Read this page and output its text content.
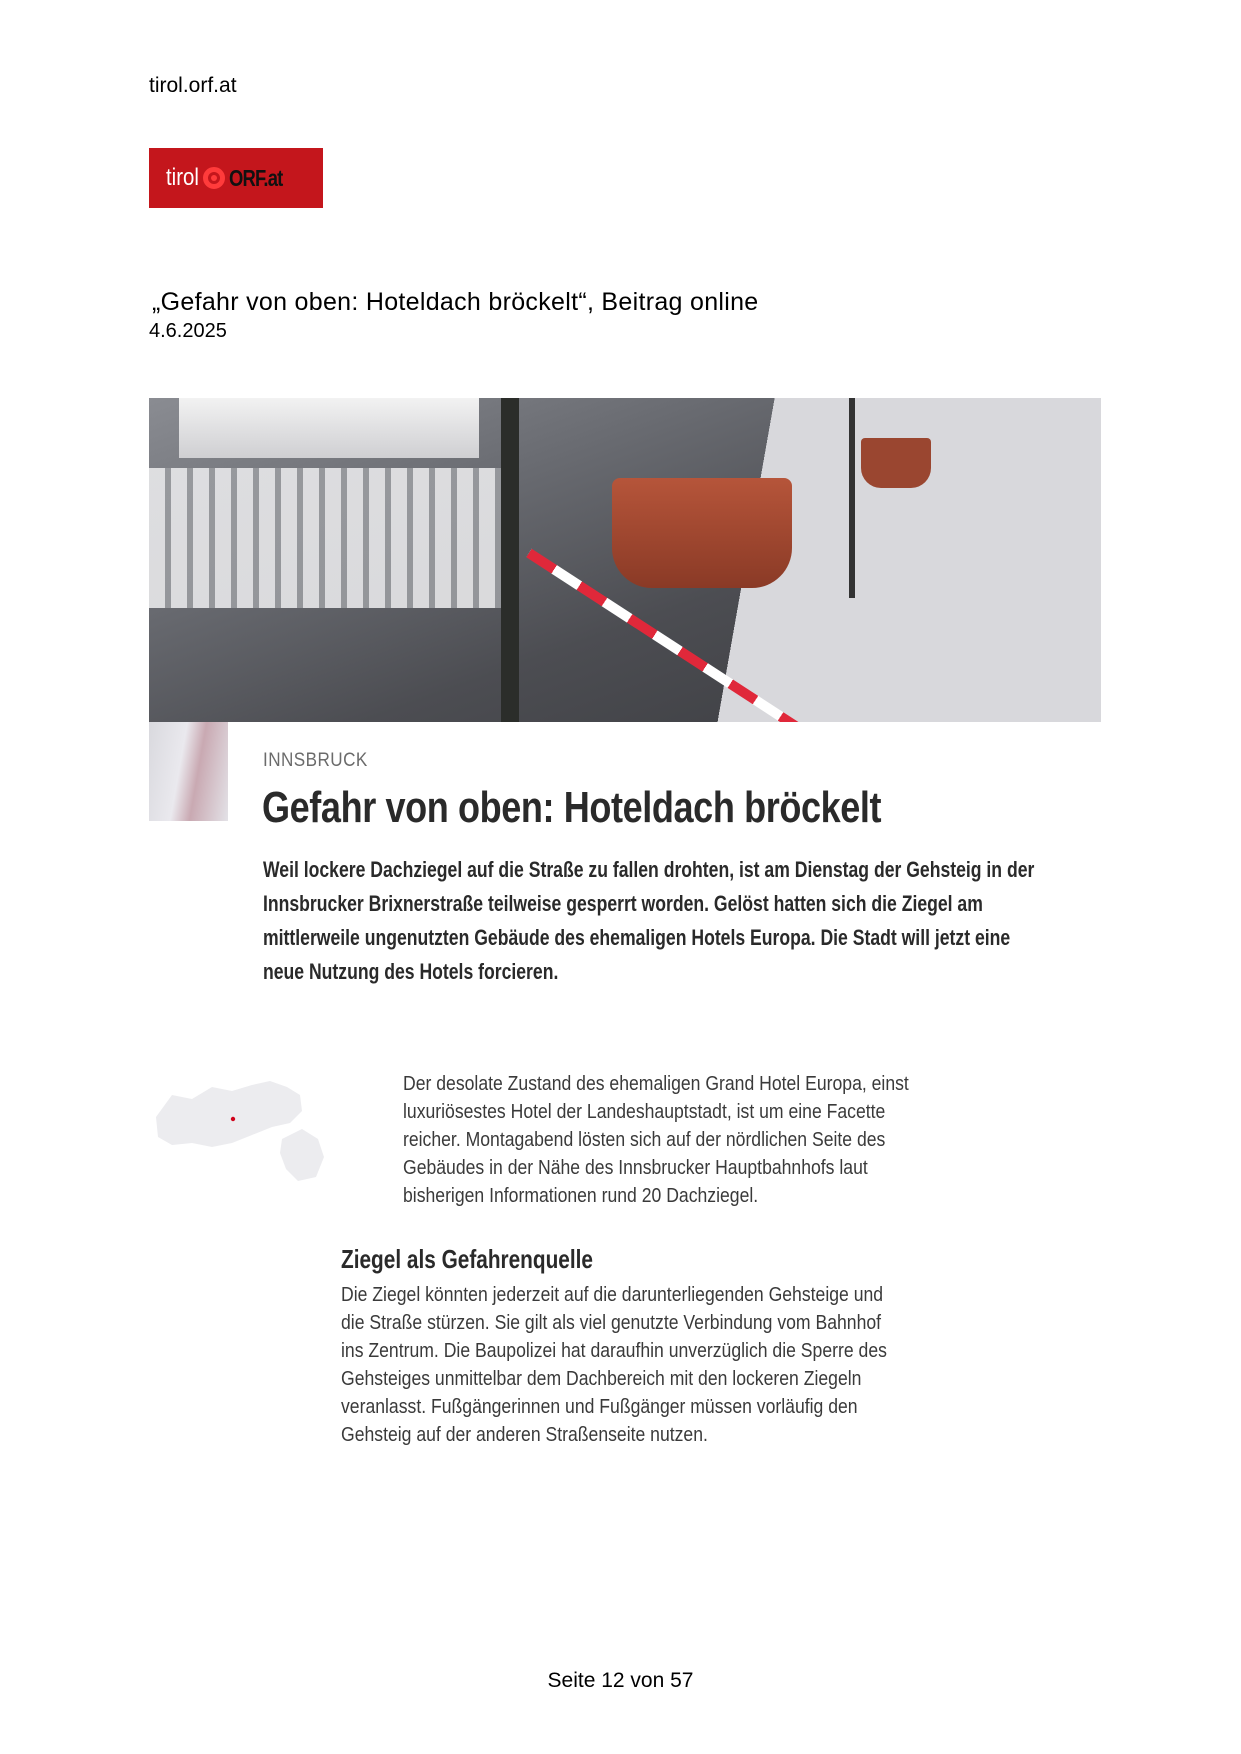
tirol.orf.at
tirol ORF.at
„Gefahr von oben: Hoteldach bröckelt“, Beitrag online
4.6.2025
INNSBRUCK
Gefahr von oben: Hoteldach bröckelt
Weil lockere Dachziegel auf die Straße zu fallen drohten, ist am Dienstag der Gehsteig in der
Innsbrucker Brixnerstraße teilweise gesperrt worden. Gelöst hatten sich die Ziegel am
mittlerweile ungenutzten Gebäude des ehemaligen Hotels Europa. Die Stadt will jetzt eine
neue Nutzung des Hotels forcieren.
Der desolate Zustand des ehemaligen Grand Hotel Europa, einst
luxuriösestes Hotel der Landeshauptstadt, ist um eine Facette
reicher. Montagabend lösten sich auf der nördlichen Seite des
Gebäudes in der Nähe des Innsbrucker Hauptbahnhofs laut
bisherigen Informationen rund 20 Dachziegel.
Ziegel als Gefahrenquelle
Die Ziegel könnten jederzeit auf die darunterliegenden Gehsteige und
die Straße stürzen. Sie gilt als viel genutzte Verbindung vom Bahnhof
ins Zentrum. Die Baupolizei hat daraufhin unverzüglich die Sperre des
Gehsteiges unmittelbar dem Dachbereich mit den lockeren Ziegeln
veranlasst. Fußgängerinnen und Fußgänger müssen vorläufig den
Gehsteig auf der anderen Straßenseite nutzen.
Seite 12 von 57
